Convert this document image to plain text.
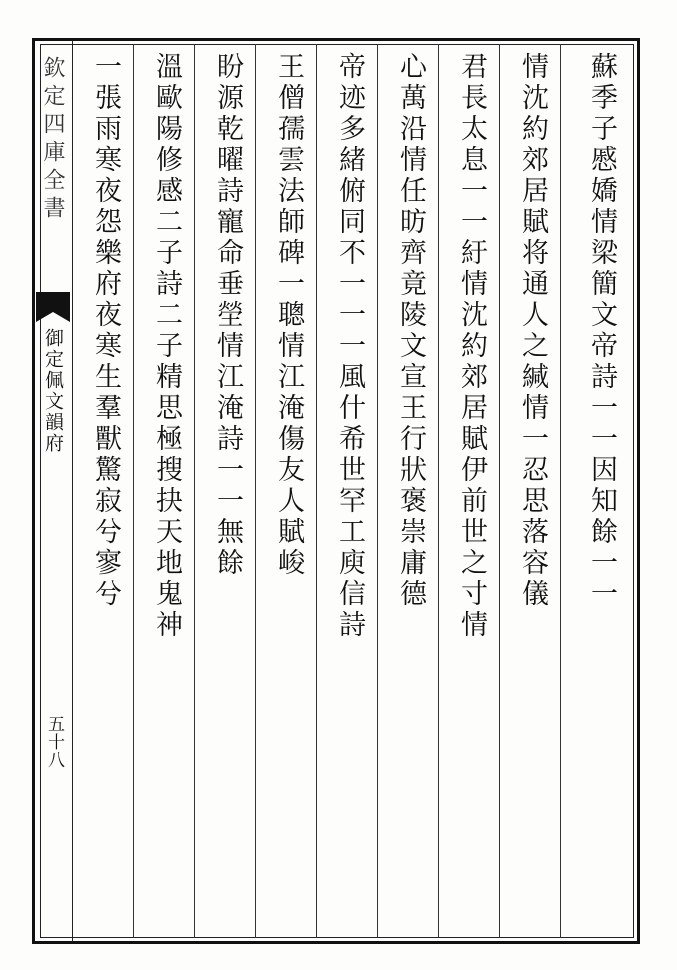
欽定四庫全書
御定佩文韻府
五十八
蘇季子慼嬌情梁簡文帝詩一一因知餘一一
情沈約郊居賦将通人之緘情一忍思落容儀
君長太息一一紆情沈約郊居賦伊前世之寸情
心萬沿情任昉齊竟陵文宣王行狀褒崇庸德
帝迹多緒俯同不一一一風什希世罕工庾信詩
王僧孺雲法師碑一聰情江淹傷友人賦峻
盼源乾曜詩寵命垂塋情江淹詩一一無餘
溫歐陽修感二子詩二子精思極搜抉天地鬼神
一張雨寒夜怨樂府夜寒生羣獸驚寂兮寥兮
